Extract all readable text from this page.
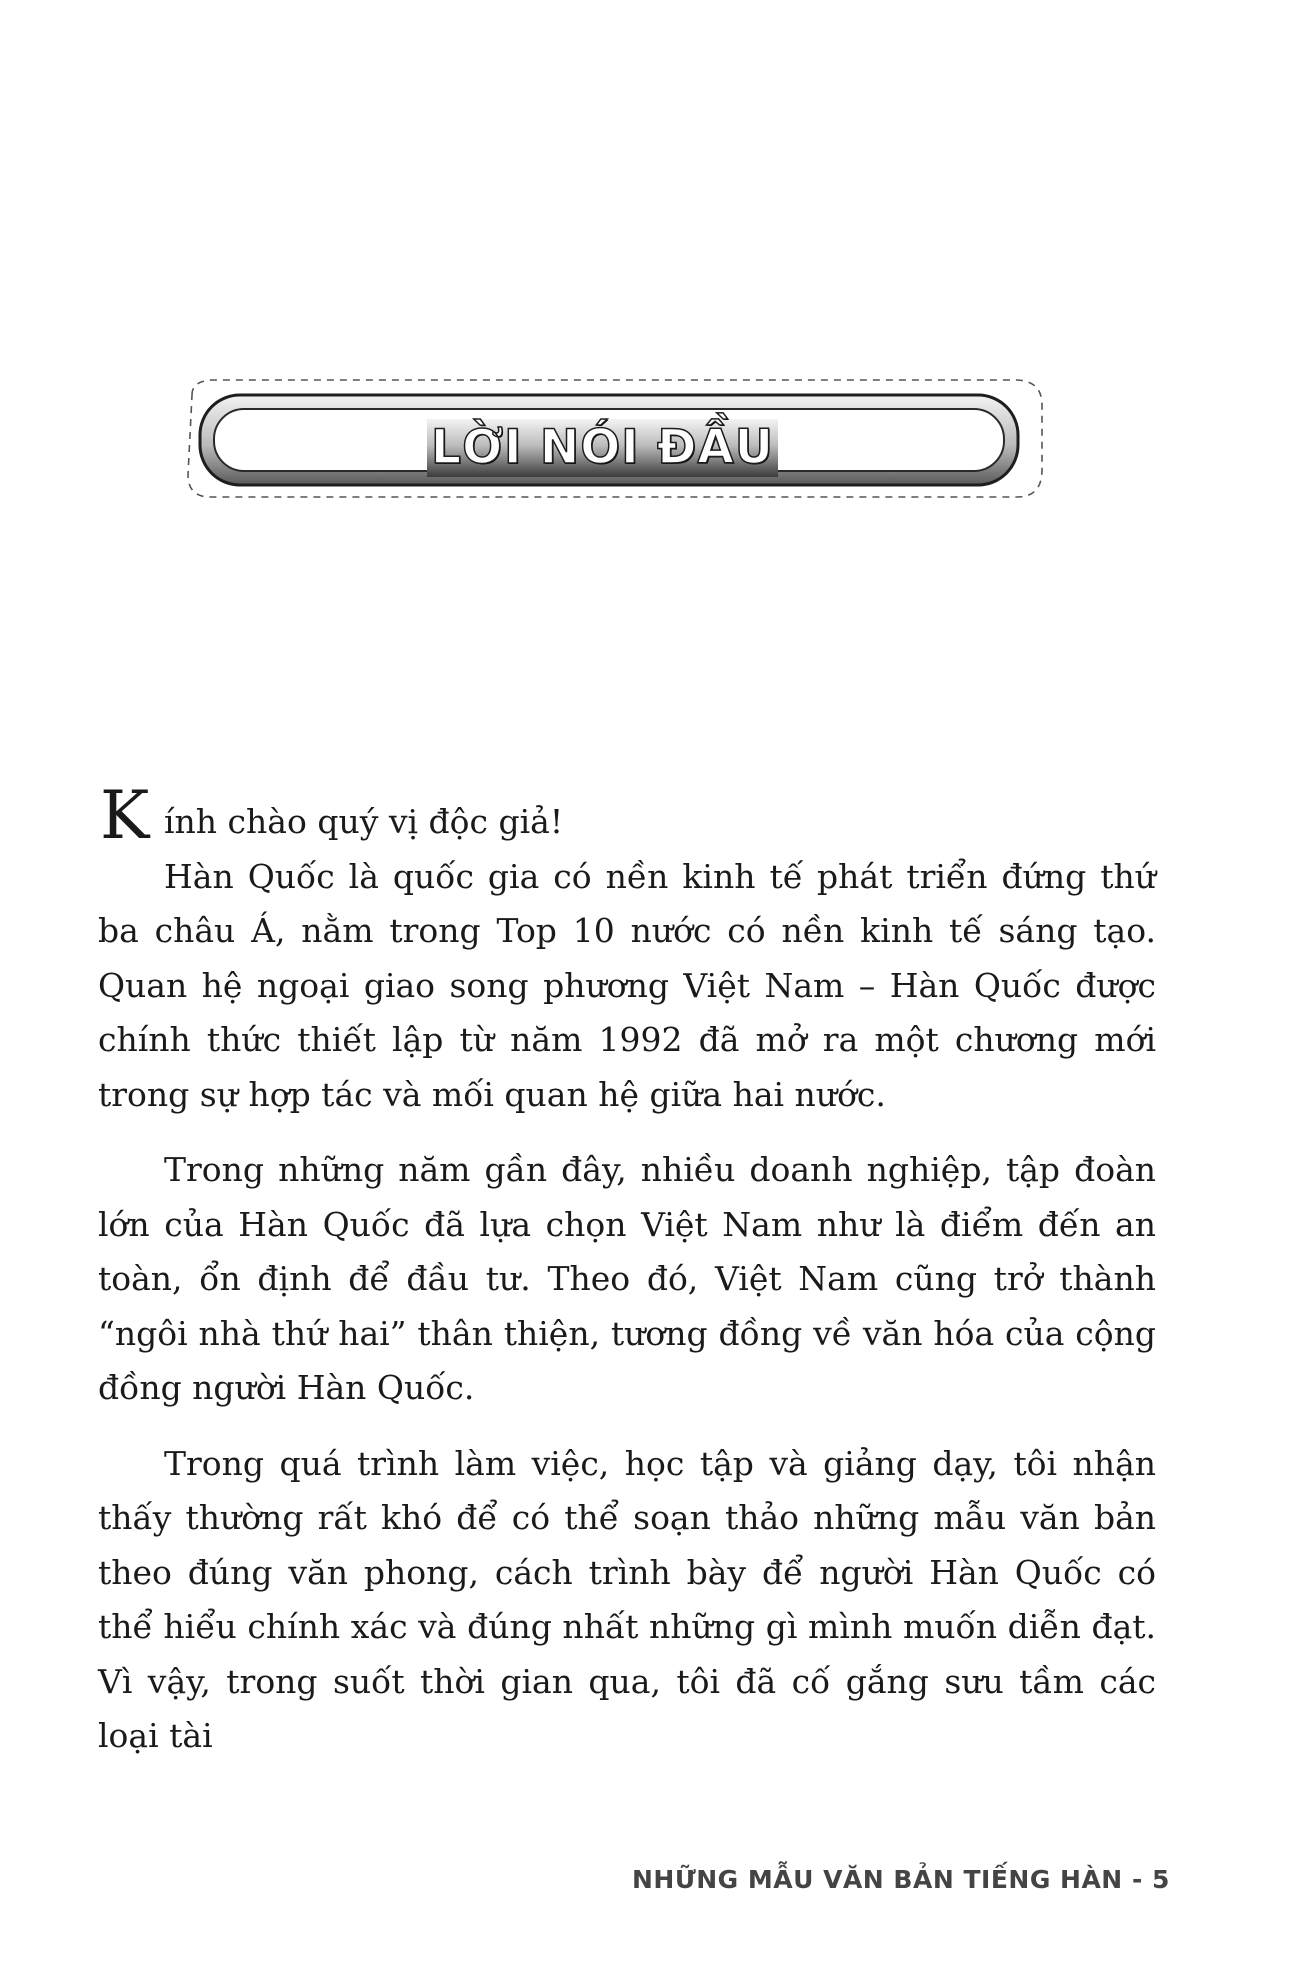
LỜI NÓI ĐẦU

K ính chào quý vị độc giả!

Hàn Quốc là quốc gia có nền kinh tế phát triển đứng thứ ba châu Á, nằm trong Top 10 nước có nền kinh tế sáng tạo. Quan hệ ngoại giao song phương Việt Nam – Hàn Quốc được chính thức thiết lập từ năm 1992 đã mở ra một chương mới trong sự hợp tác và mối quan hệ giữa hai nước.

Trong những năm gần đây, nhiều doanh nghiệp, tập đoàn lớn của Hàn Quốc đã lựa chọn Việt Nam như là điểm đến an toàn, ổn định để đầu tư. Theo đó, Việt Nam cũng trở thành “ngôi nhà thứ hai” thân thiện, tương đồng về văn hóa của cộng đồng người Hàn Quốc.

Trong quá trình làm việc, học tập và giảng dạy, tôi nhận thấy thường rất khó để có thể soạn thảo những mẫu văn bản theo đúng văn phong, cách trình bày để người Hàn Quốc có thể hiểu chính xác và đúng nhất những gì mình muốn diễn đạt. Vì vậy, trong suốt thời gian qua, tôi đã cố gắng sưu tầm các loại tài

NHỮNG MẪU VĂN BẢN TIẾNG HÀN - 5
